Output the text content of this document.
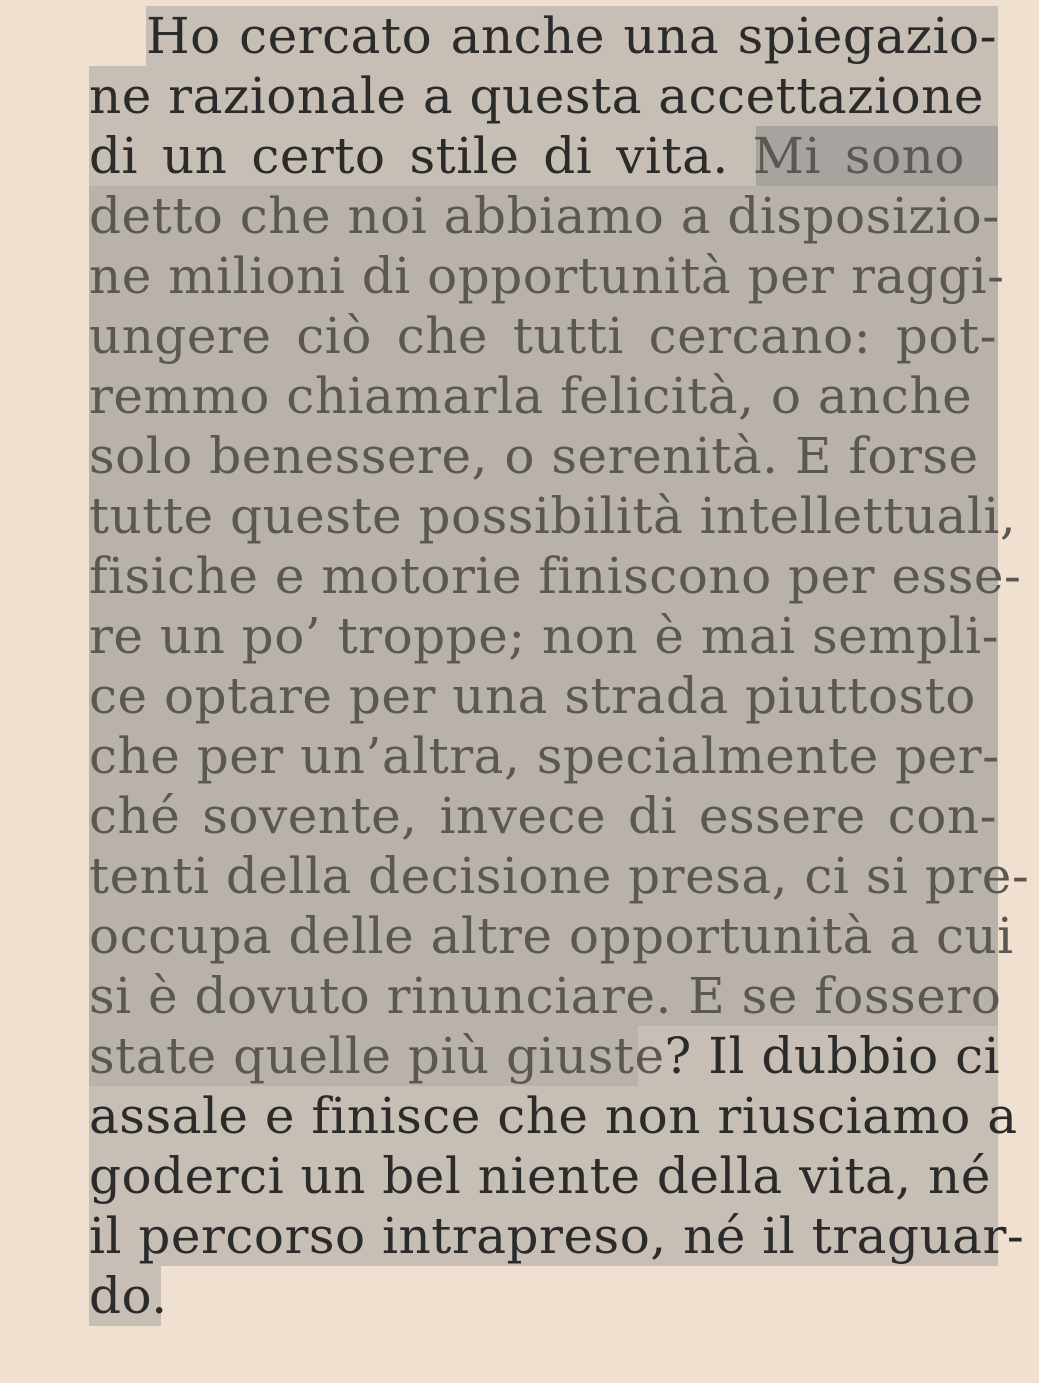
Ho cercato anche una spiegazio-
ne razionale a questa accettazione
di un certo stile di vita. Mi sono
detto che noi abbiamo a disposizio-
ne milioni di opportunità per raggi-
ungere ciò che tutti cercano: pot-
remmo chiamarla felicità, o anche
solo benessere, o serenità. E forse
tutte queste possibilità intellettuali,
fisiche e motorie finiscono per esse-
re un po’ troppe; non è mai sempli-
ce optare per una strada piuttosto
che per un’altra, specialmente per-
ché sovente, invece di essere con-
tenti della decisione presa, ci si pre-
occupa delle altre opportunità a cui
si è dovuto rinunciare. E se fossero
state quelle più giuste? Il dubbio ci
assale e finisce che non riusciamo a
goderci un bel niente della vita, né
il percorso intrapreso, né il traguar-
do.
